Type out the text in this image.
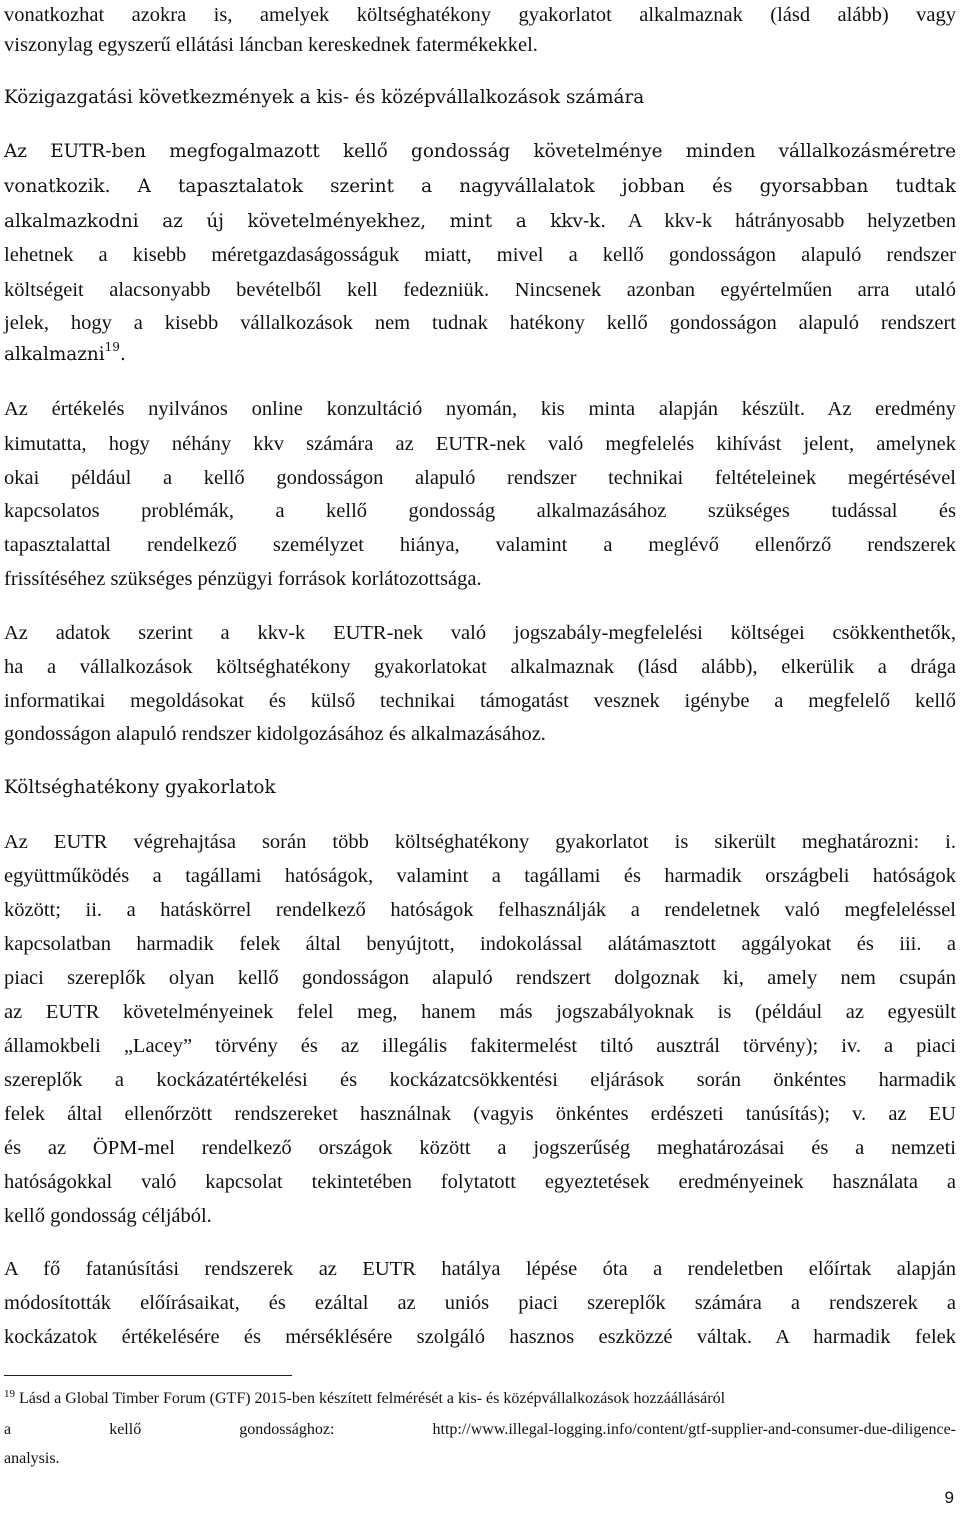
vonatkozhat azokra is, amelyek költséghatékony gyakorlatot alkalmaznak (lásd alább) vagy
viszonylag egyszerű ellátási láncban kereskednek fatermékekkel.
Közigazgatási következmények a kis- és középvállalkozások számára
Az EUTR-ben megfogalmazott kellő gondosság követelménye minden vállalkozásméretre
vonatkozik. A tapasztalatok szerint a nagyvállalatok jobban és gyorsabban tudtak
alkalmazkodni az új követelményekhez, mint a kkv-k. A kkv-k hátrányosabb helyzetben
lehetnek a kisebb méretgazdaságosságuk miatt, mivel a kellő gondosságon alapuló rendszer
költségeit alacsonyabb bevételből kell fedezniük. Nincsenek azonban egyértelműen arra utaló
jelek, hogy a kisebb vállalkozások nem tudnak hatékony kellő gondosságon alapuló rendszert
alkalmazni$^{19}$.
Az értékelés nyilvános online konzultáció nyomán, kis minta alapján készült. Az eredmény
kimutatta, hogy néhány kkv számára az EUTR-nek való megfelelés kihívást jelent, amelynek
okai például a kellő gondosságon alapuló rendszer technikai feltételeinek megértésével
kapcsolatos problémák, a kellő gondosság alkalmazásához szükséges tudással és
tapasztalattal rendelkező személyzet hiánya, valamint a meglévő ellenőrző rendszerek
frissítéséhez szükséges pénzügyi források korlátozottsága.
Az adatok szerint a kkv-k EUTR-nek való jogszabály-megfelelési költségei csökkenthetők,
ha a vállalkozások költséghatékony gyakorlatokat alkalmaznak (lásd alább), elkerülik a drága
informatikai megoldásokat és külső technikai támogatást vesznek igénybe a megfelelő kellő
gondosságon alapuló rendszer kidolgozásához és alkalmazásához.
Költséghatékony gyakorlatok
Az EUTR végrehajtása során több költséghatékony gyakorlatot is sikerült meghatározni: i.
együttműködés a tagállami hatóságok, valamint a tagállami és harmadik országbeli hatóságok
között; ii. a hatáskörrel rendelkező hatóságok felhasználják a rendeletnek való megfeleléssel
kapcsolatban harmadik felek által benyújtott, indokolással alátámasztott aggályokat és iii. a
piaci szereplők olyan kellő gondosságon alapuló rendszert dolgoznak ki, amely nem csupán
az EUTR követelményeinek felel meg, hanem más jogszabályoknak is (például az egyesült
államokbeli „Lacey” törvény és az illegális fakitermelést tiltó ausztrál törvény); iv. a piaci
szereplők a kockázatértékelési és kockázatcsökkentési eljárások során önkéntes harmadik
felek által ellenőrzött rendszereket használnak (vagyis önkéntes erdészeti tanúsítás); v. az EU
és az ÖPM-mel rendelkező országok között a jogszerűség meghatározásai és a nemzeti
hatóságokkal való kapcsolat tekintetében folytatott egyeztetések eredményeinek használata a
kellő gondosság céljából.
A fő fatanúsítási rendszerek az EUTR hatálya lépése óta a rendeletben előírtak alapján
módosították előírásaikat, és ezáltal az uniós piaci szereplők számára a rendszerek a
kockázatok értékelésére és mérséklésére szolgáló hasznos eszközzé váltak. A harmadik felek
$^{19}$ Lásd a Global Timber Forum (GTF) 2015-ben készített felmérését a kis- és középvállalkozások hozzáállásáról
a kellő gondossághoz: http://www.illegal-logging.info/content/gtf-supplier-and-consumer-due-diligence-
analysis.
9
